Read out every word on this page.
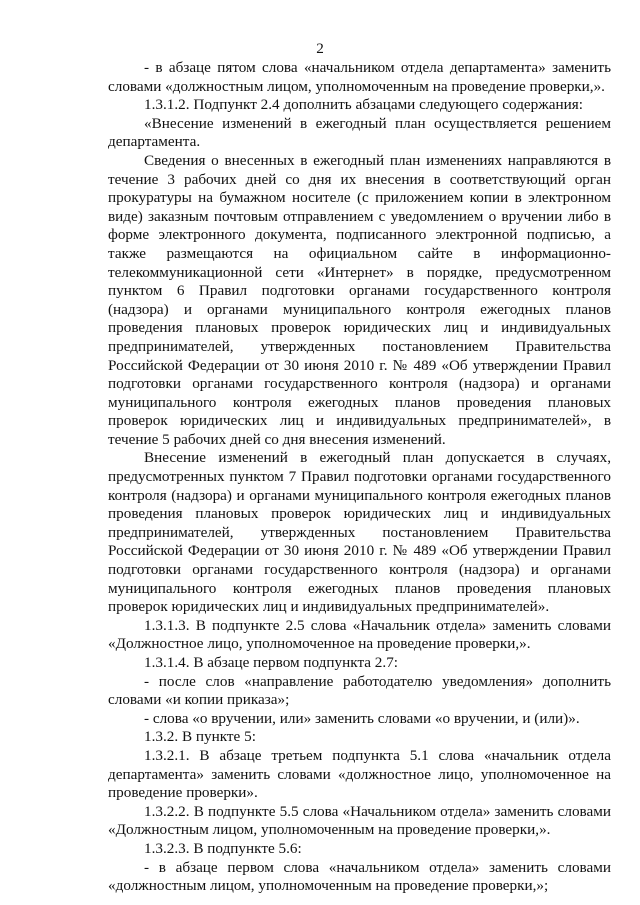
2

- в абзаце пятом слова «начальником отдела департамента» заменить словами «должностным лицом, уполномоченным на проведение проверки,».

1.3.1.2. Подпункт 2.4 дополнить абзацами следующего содержания:

«Внесение изменений в ежегодный план осуществляется решением департамента.

Сведения о внесенных в ежегодный план изменениях направляются в течение 3 рабочих дней со дня их внесения в соответствующий орган прокуратуры на бумажном носителе (с приложением копии в электронном виде) заказным почтовым отправлением с уведомлением о вручении либо в форме электронного документа, подписанного электронной подписью, а также размещаются на официальном сайте в информационно-телекоммуникационной сети «Интернет» в порядке, предусмотренном пунктом 6 Правил подготовки органами государственного контроля (надзора) и органами муниципального контроля ежегодных планов проведения плановых проверок юридических лиц и индивидуальных предпринимателей, утвержденных постановлением Правительства Российской Федерации от 30 июня 2010 г. № 489 «Об утверждении Правил подготовки органами государственного контроля (надзора) и органами муниципального контроля ежегодных планов проведения плановых проверок юридических лиц и индивидуальных предпринимателей», в течение 5 рабочих дней со дня внесения изменений.

Внесение изменений в ежегодный план допускается в случаях, предусмотренных пунктом 7 Правил подготовки органами государственного контроля (надзора) и органами муниципального контроля ежегодных планов проведения плановых проверок юридических лиц и индивидуальных предпринимателей, утвержденных постановлением Правительства Российской Федерации от 30 июня 2010 г. № 489 «Об утверждении Правил подготовки органами государственного контроля (надзора) и органами муниципального контроля ежегодных планов проведения плановых проверок юридических лиц и индивидуальных предпринимателей».

1.3.1.3. В подпункте 2.5 слова «Начальник отдела» заменить словами «Должностное лицо, уполномоченное на проведение проверки,».

1.3.1.4. В абзаце первом подпункта 2.7:

- после слов «направление работодателю уведомления» дополнить словами «и копии приказа»;

- слова «о вручении, или» заменить словами «о вручении, и (или)».

1.3.2. В пункте 5:

1.3.2.1. В абзаце третьем подпункта 5.1 слова «начальник отдела департамента» заменить словами «должностное лицо, уполномоченное на проведение проверки».

1.3.2.2. В подпункте 5.5 слова «Начальником отдела» заменить словами «Должностным лицом, уполномоченным на проведение проверки,».

1.3.2.3. В подпункте 5.6:

- в абзаце первом слова «начальником отдела» заменить словами «должностным лицом, уполномоченным на проведение проверки,»;
